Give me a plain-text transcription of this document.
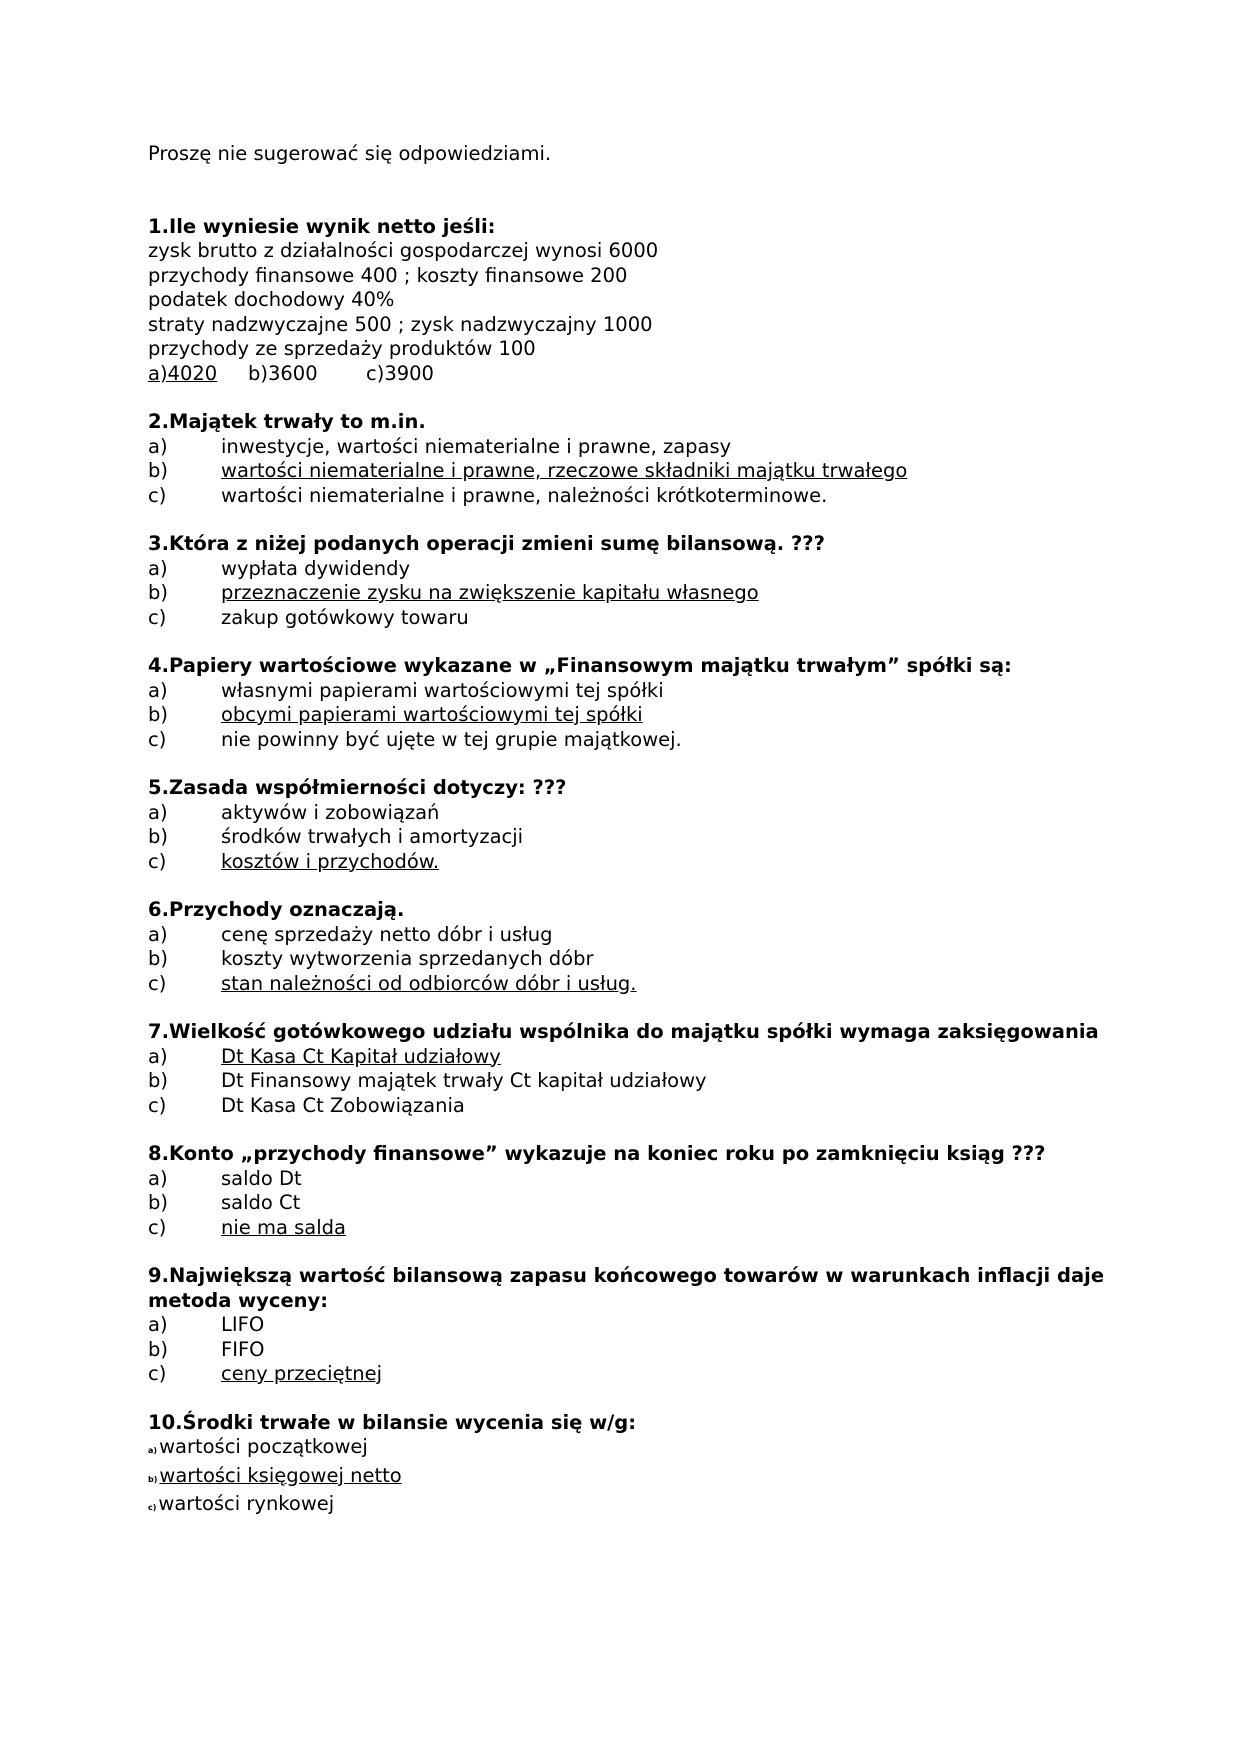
Proszę nie sugerować się odpowiedziami.
1.Ile wyniesie wynik netto jeśli:
zysk brutto z działalności gospodarczej wynosi 6000
przychody finansowe 400 ; koszty finansowe 200
podatek dochodowy 40%
straty nadzwyczajne 500 ; zysk nadzwyczajny 1000
przychody ze sprzedaży produktów 100
a)4020 b)3600 c)3900
2.Majątek trwały to m.in.
a)	inwestycje, wartości niematerialne i prawne, zapasy
b)	wartości niematerialne i prawne, rzeczowe składniki majątku trwałego
c)	wartości niematerialne i prawne, należności krótkoterminowe.
3.Która z niżej podanych operacji zmieni sumę bilansową. ???
a)	wypłata dywidendy
b)	przeznaczenie zysku na zwiększenie kapitału własnego
c)	zakup gotówkowy towaru
4.Papiery wartościowe wykazane w „Finansowym majątku trwałym” spółki są:
a)	własnymi papierami wartościowymi tej spółki
b)	obcymi papierami wartościowymi tej spółki
c)	nie powinny być ujęte w tej grupie majątkowej.
5.Zasada współmierności dotyczy: ???
a)	aktywów i zobowiązań
b)	środków trwałych i amortyzacji
c)	kosztów i przychodów.
6.Przychody oznaczają.
a)	cenę sprzedaży netto dóbr i usług
b)	koszty wytworzenia sprzedanych dóbr
c)	stan należności od odbiorców dóbr i usług.
7.Wielkość gotówkowego udziału wspólnika do majątku spółki wymaga zaksięgowania
a)	Dt Kasa Ct Kapitał udziałowy
b)	Dt Finansowy majątek trwały Ct kapitał udziałowy
c)	Dt Kasa Ct Zobowiązania
8.Konto „przychody finansowe” wykazuje na koniec roku po zamknięciu ksiąg ???
a)	saldo Dt
b)	saldo Ct
c)	nie ma salda
9.Największą wartość bilansową zapasu końcowego towarów w warunkach inflacji daje metoda wyceny:
a)	LIFO
b)	FIFO
c)	ceny przeciętnej
10.Środki trwałe w bilansie wycenia się w/g:
a) wartości początkowej
b) wartości księgowej netto
c) wartości rynkowej
